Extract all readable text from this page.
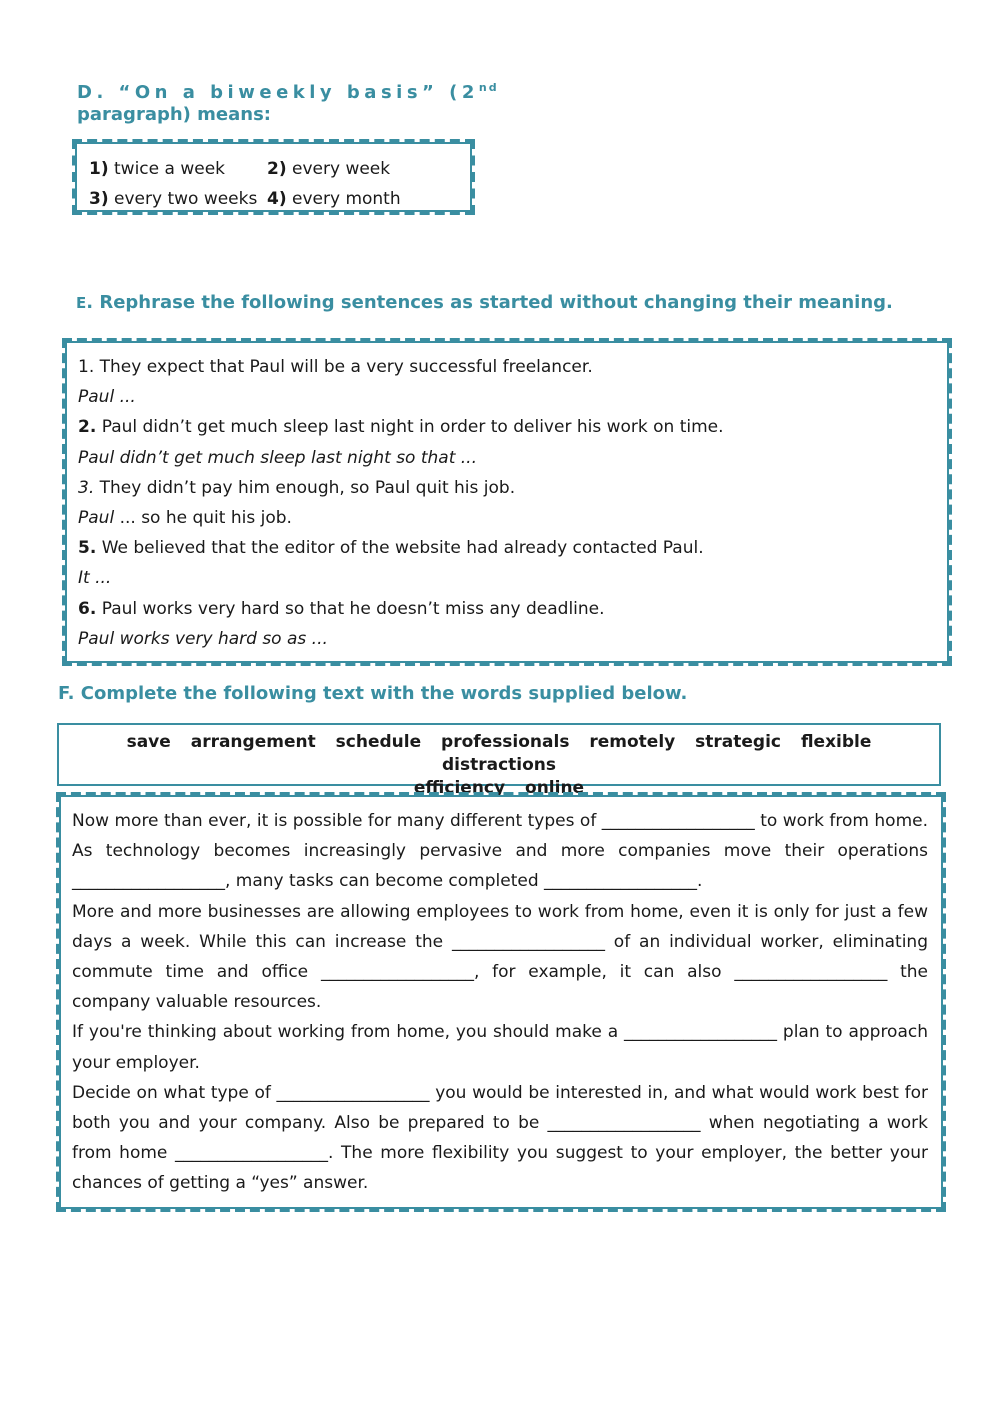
D. “On a biweekly basis” (2nd
paragraph) means:
1) twice a week	2) every week
3) every two weeks 4) every month
E. Rephrase the following sentences as started without changing their meaning.
1. They expect that Paul will be a very successful freelancer.
Paul ...
2. Paul didn’t get much sleep last night in order to deliver his work on time.
Paul didn’t get much sleep last night so that ...
3. They didn’t pay him enough, so Paul quit his job.
Paul ... so he quit his job.
5. We believed that the editor of the website had already contacted Paul.
It ...
6. Paul works very hard so that he doesn’t miss any deadline.
Paul works very hard so as ...
F. Complete the following text with the words supplied below.
save arrangement schedule professionals remotely strategic flexible distractions
efficiency online
Now more than ever, it is possible for many different types of __________________ to work from home. As technology becomes increasingly pervasive and more companies move their operations __________________, many tasks can become completed __________________.
More and more businesses are allowing employees to work from home, even it is only for just a few days a week. While this can increase the __________________ of an individual worker, eliminating commute time and office __________________, for example, it can also __________________ the company valuable resources.
If you're thinking about working from home, you should make a __________________ plan to approach your employer.
Decide on what type of __________________ you would be interested in, and what would work best for both you and your company. Also be prepared to be __________________ when negotiating a work from home __________________. The more flexibility you suggest to your employer, the better your chances of getting a “yes” answer.
